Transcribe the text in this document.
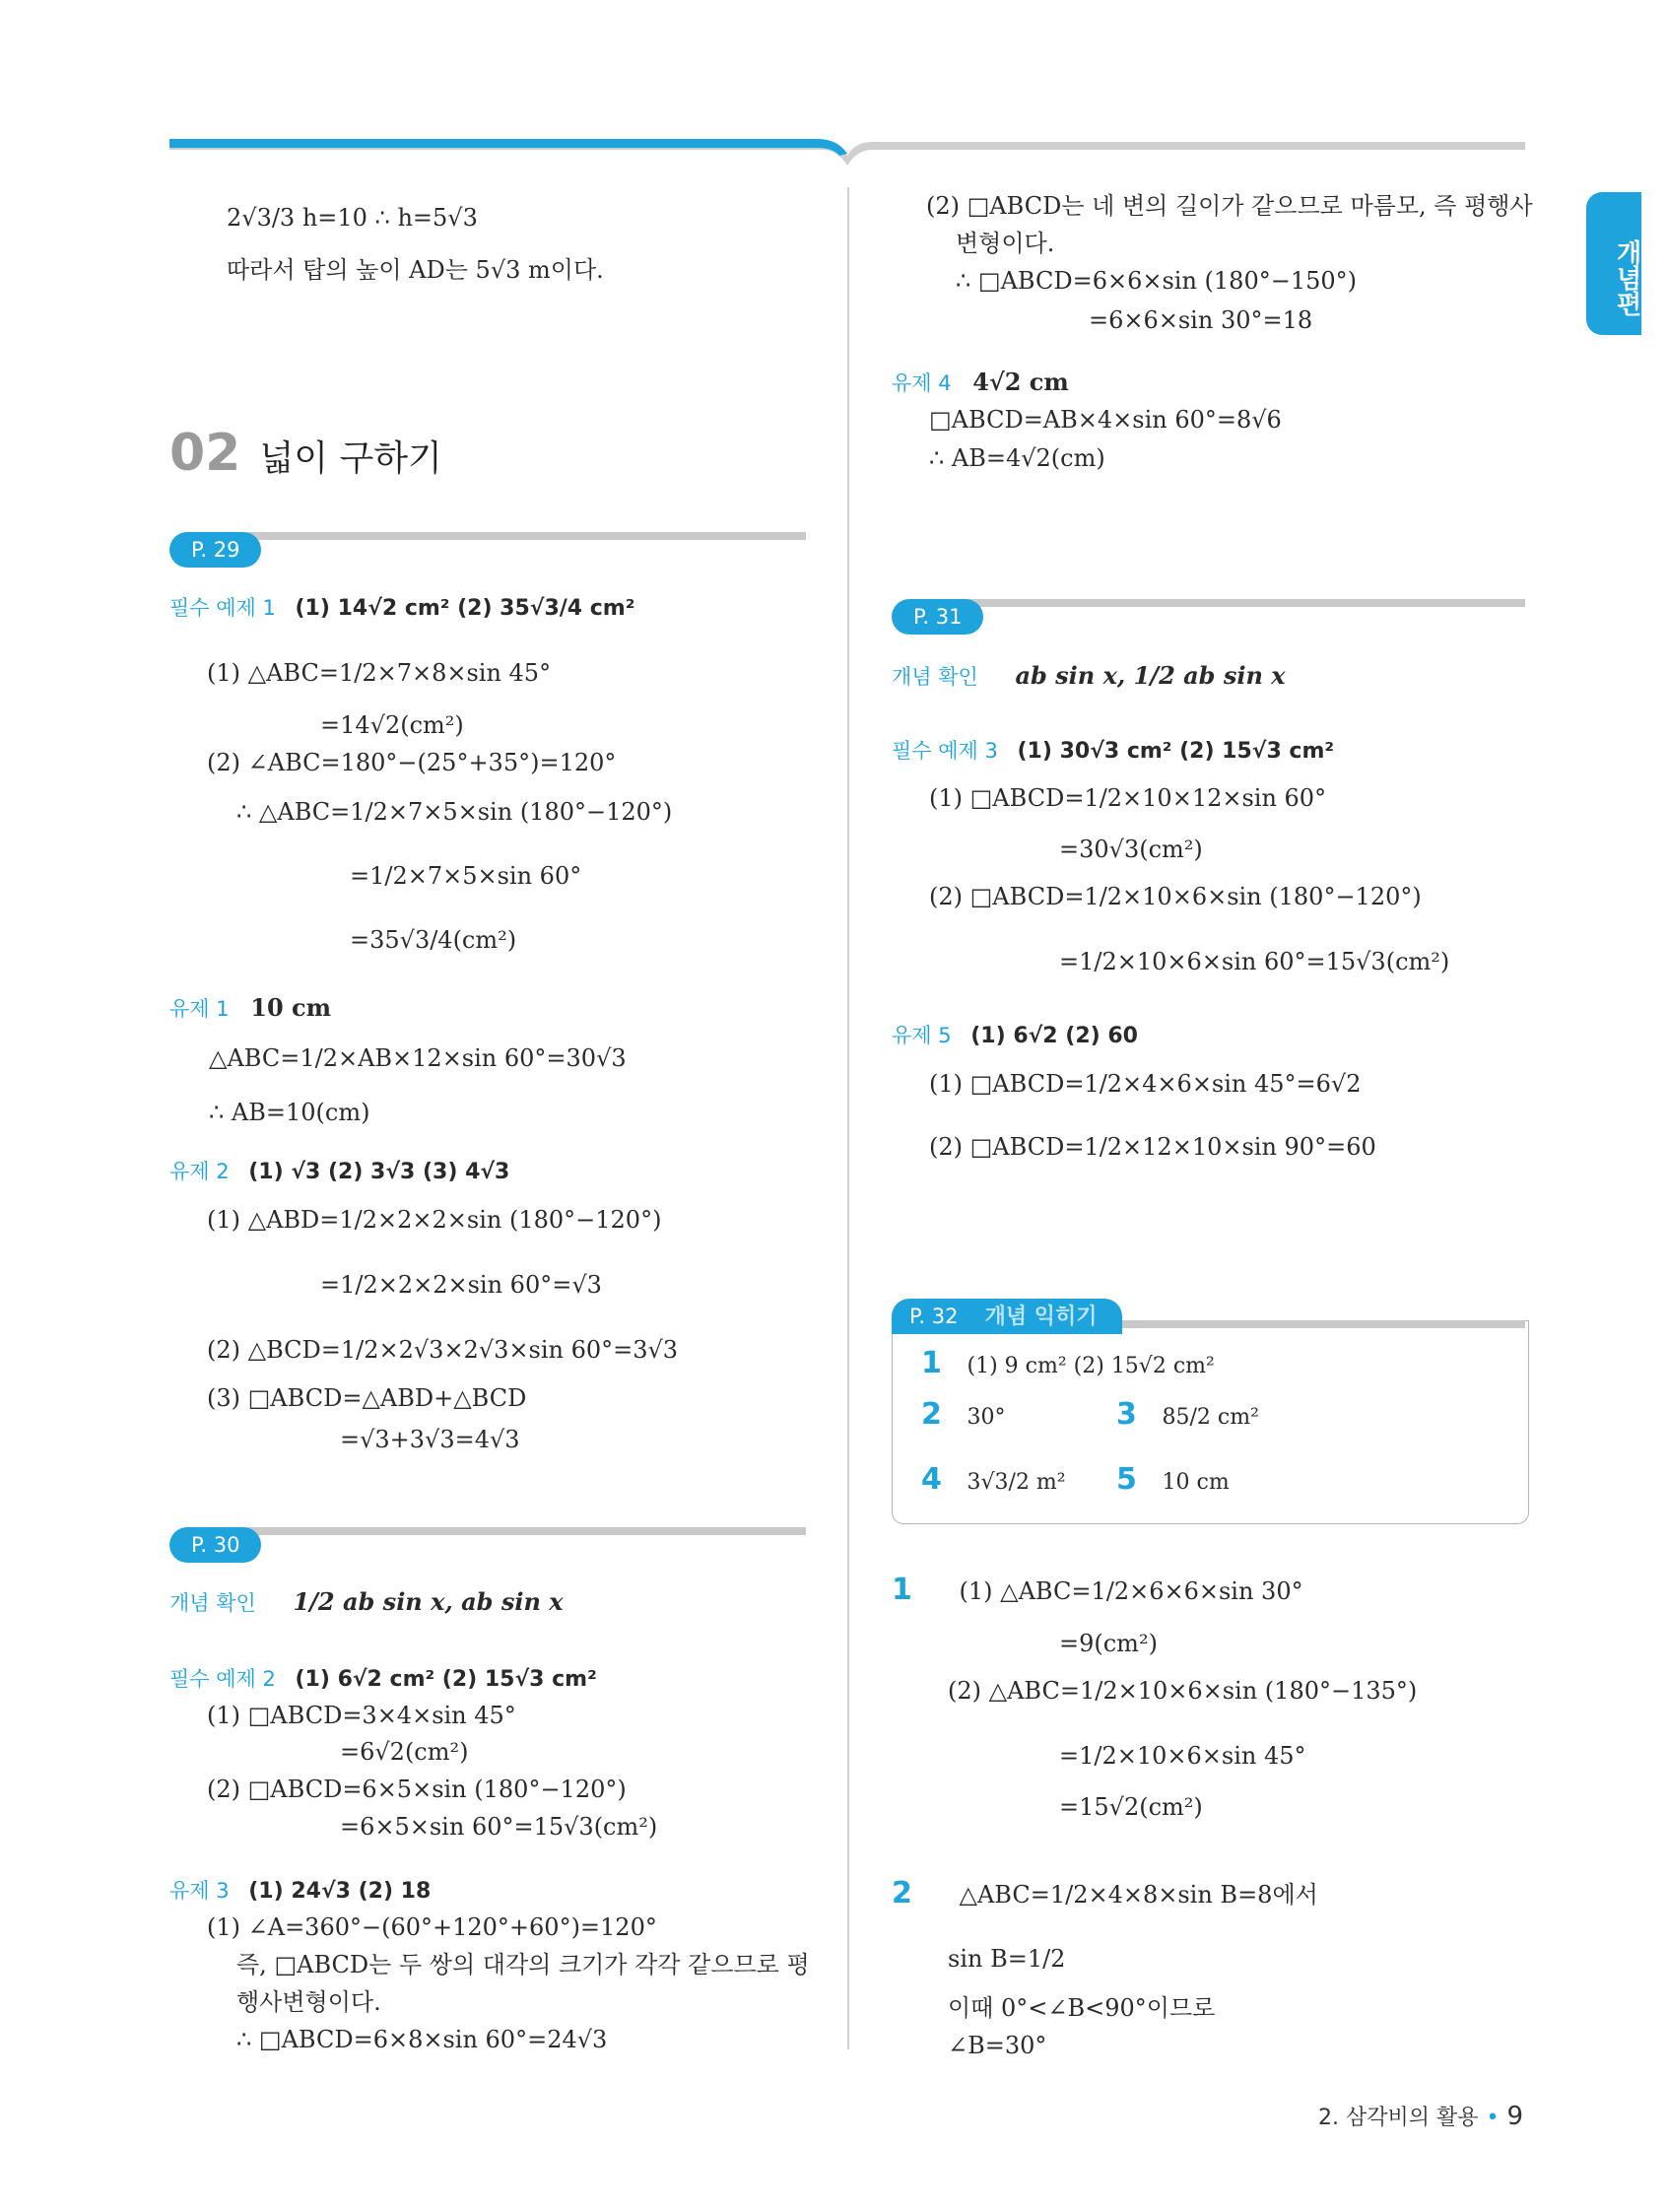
개념편
2√3/3 h=10 ∴ h=5√3
따라서 탑의 높이 AD는 5√3 m이다.
02 넓이 구하기
P. 29
필수 예제 1 (1) 14√2 cm² (2) 35√3/4 cm²
(1) △ABC=1/2×7×8×sin 45°
=14√2(cm²)
(2) ∠ABC=180°−(25°+35°)=120°
∴ △ABC=1/2×7×5×sin (180°−120°)
=1/2×7×5×sin 60°
=35√3/4(cm²)
유제 1 10 cm
△ABC=1/2×AB×12×sin 60°=30√3
∴ AB=10(cm)
유제 2 (1) √3 (2) 3√3 (3) 4√3
(1) △ABD=1/2×2×2×sin (180°−120°)
=1/2×2×2×sin 60°=√3
(2) △BCD=1/2×2√3×2√3×sin 60°=3√3
(3) □ABCD=△ABD+△BCD
=√3+3√3=4√3
P. 30
개념 확인 1/2 ab sin x, ab sin x
필수 예제 2 (1) 6√2 cm² (2) 15√3 cm²
(1) □ABCD=3×4×sin 45°
=6√2(cm²)
(2) □ABCD=6×5×sin (180°−120°)
=6×5×sin 60°=15√3(cm²)
유제 3 (1) 24√3 (2) 18
(1) ∠A=360°−(60°+120°+60°)=120°
즉, □ABCD는 두 쌍의 대각의 크기가 각각 같으므로 평
행사변형이다.
∴ □ABCD=6×8×sin 60°=24√3
(2) □ABCD는 네 변의 길이가 같으므로 마름모, 즉 평행사
변형이다.
∴ □ABCD=6×6×sin (180°−150°)
=6×6×sin 30°=18
유제 4 4√2 cm
□ABCD=AB×4×sin 60°=8√6
∴ AB=4√2(cm)
P. 31
개념 확인 ab sin x, 1/2 ab sin x
필수 예제 3 (1) 30√3 cm² (2) 15√3 cm²
(1) □ABCD=1/2×10×12×sin 60°
=30√3(cm²)
(2) □ABCD=1/2×10×6×sin (180°−120°)
=1/2×10×6×sin 60°=15√3(cm²)
유제 5 (1) 6√2 (2) 60
(1) □ABCD=1/2×4×6×sin 45°=6√2
(2) □ABCD=1/2×12×10×sin 90°=60
P. 32 개념 익히기
1 (1) 9 cm² (2) 15√2 cm²
2 30°	3 85/2 cm²
4 3√3/2 m² 5 10 cm
1 (1) △ABC=1/2×6×6×sin 30°
=9(cm²)
(2) △ABC=1/2×10×6×sin (180°−135°)
=1/2×10×6×sin 45°
=15√2(cm²)
2 △ABC=1/2×4×8×sin B=8에서
sin B=1/2
이때 0°<∠B<90°이므로
∠B=30°
2. 삼각비의 활용 • 9
